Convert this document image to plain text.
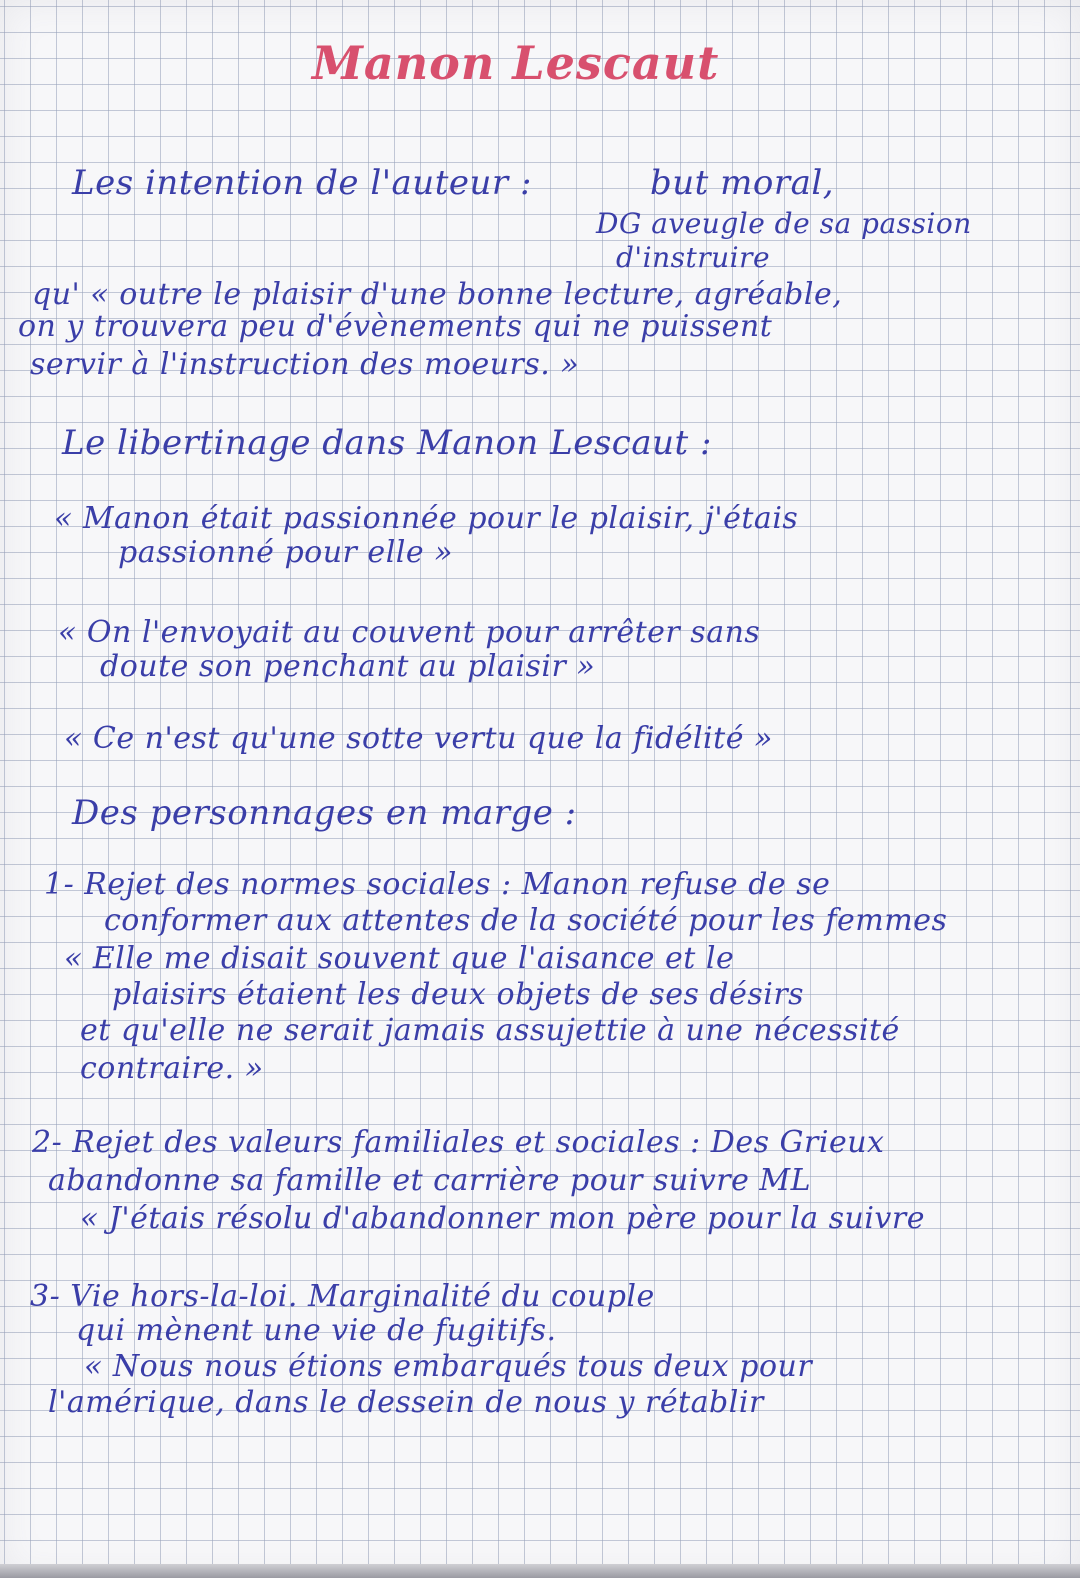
Manon Lescaut
Les intention de l'auteur :	but moral,
DG aveugle de sa passion
d'instruire
qu' « outre le plaisir d'une bonne lecture, agréable,
on y trouvera peu d'évènements qui ne puissent
servir à l'instruction des moeurs. »
Le libertinage dans Manon Lescaut :
« Manon était passionnée pour le plaisir, j'étais
passionné pour elle »
« On l'envoyait au couvent pour arrêter sans
doute son penchant au plaisir »
« Ce n'est qu'une sotte vertu que la fidélité »
Des personnages en marge :
1- Rejet des normes sociales : Manon refuse de se
conformer aux attentes de la société pour les femmes
« Elle me disait souvent que l'aisance et le
plaisirs étaient les deux objets de ses désirs
et qu'elle ne serait jamais assujettie à une nécessité
contraire. »
2- Rejet des valeurs familiales et sociales : Des Grieux
abandonne sa famille et carrière pour suivre ML
« J'étais résolu d'abandonner mon père pour la suivre
3- Vie hors-la-loi. Marginalité du couple
qui mènent une vie de fugitifs.
« Nous nous étions embarqués tous deux pour
l'amérique, dans le dessein de nous y rétablir
